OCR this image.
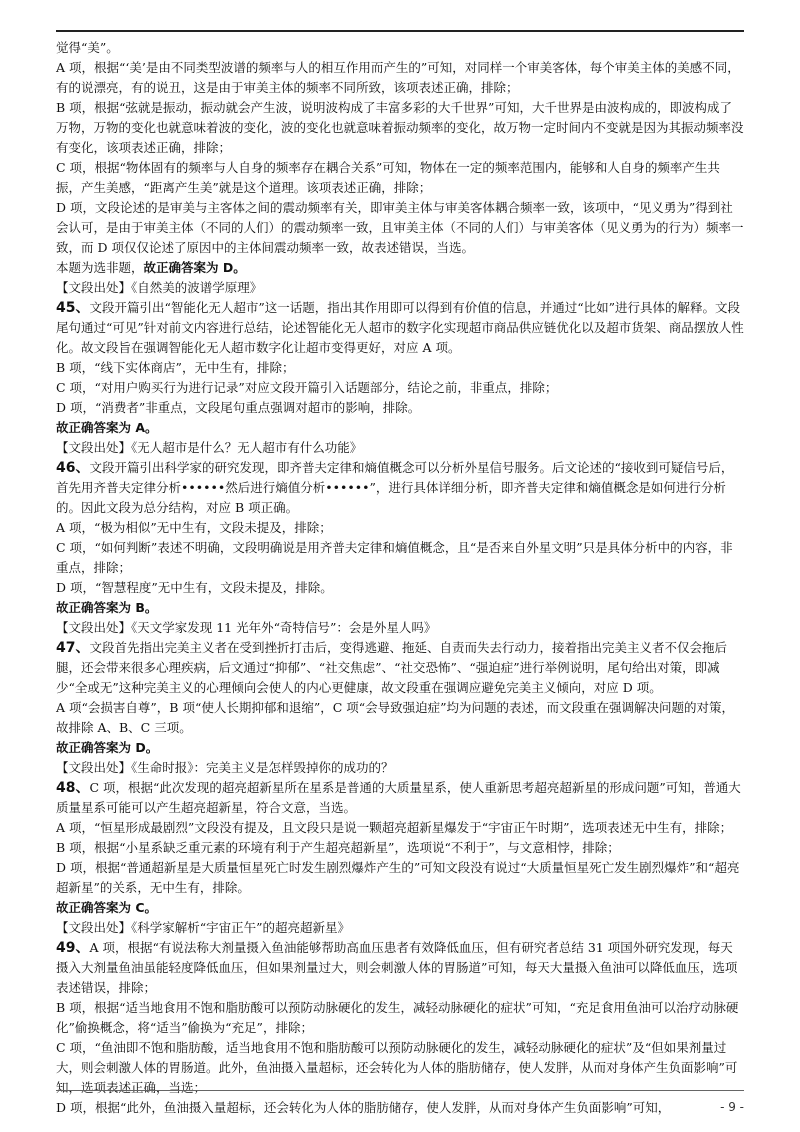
觉得“美”。

A 项，根据“‘美’是由不同类型波谱的频率与人的相互作用而产生的”可知，对同样一个审美客体，每个审美主体的美感不同，有的说漂亮，有的说丑，这是由于审美主体的频率不同所致，该项表述正确，排除；

B 项，根据“弦就是振动，振动就会产生波，说明波构成了丰富多彩的大千世界”可知，大千世界是由波构成的，即波构成了万物，万物的变化也就意味着波的变化，波的变化也就意味着振动频率的变化，故万物一定时间内不变就是因为其振动频率没有变化，该项表述正确，排除；

C 项，根据“物体固有的频率与人自身的频率存在耦合关系”可知，物体在一定的频率范围内，能够和人自身的频率产生共振，产生美感，“距离产生美”就是这个道理。该项表述正确，排除；

D 项，文段论述的是审美与主客体之间的震动频率有关，即审美主体与审美客体耦合频率一致，该项中，“见义勇为”得到社会认可，是由于审美主体（不同的人们）的震动频率一致，且审美主体（不同的人们）与审美客体（见义勇为的行为）频率一致，而 D 项仅仅论述了原因中的主体间震动频率一致，故表述错误，当选。

本题为选非题，故正确答案为 D。

【文段出处】《自然美的波谱学原理》

45、文段开篇引出“智能化无人超市”这一话题，指出其作用即可以得到有价值的信息，并通过“比如”进行具体的解释。文段尾句通过“可见”针对前文内容进行总结，论述智能化无人超市的数字化实现超市商品供应链优化以及超市货架、商品摆放人性化。故文段旨在强调智能化无人超市数字化让超市变得更好，对应 A 项。

B 项，“线下实体商店”，无中生有，排除；

C 项，“对用户购买行为进行记录”对应文段开篇引入话题部分，结论之前，非重点，排除；

D 项，“消费者”非重点，文段尾句重点强调对超市的影响，排除。

故正确答案为 A。

【文段出处】《无人超市是什么？无人超市有什么功能》

46、文段开篇引出科学家的研究发现，即齐普夫定律和熵值概念可以分析外星信号服务。后文论述的“接收到可疑信号后，首先用齐普夫定律分析••••••然后进行熵值分析••••••”，进行具体详细分析，即齐普夫定律和熵值概念是如何进行分析的。因此文段为总分结构，对应 B 项正确。

A 项，“极为相似”无中生有，文段未提及，排除；

C 项，“如何判断”表述不明确，文段明确说是用齐普夫定律和熵值概念，且“是否来自外星文明”只是具体分析中的内容，非重点，排除；

D 项，“智慧程度”无中生有，文段未提及，排除。

故正确答案为 B。

【文段出处】《天文学家发现 11 光年外“奇特信号”：会是外星人吗》

47、文段首先指出完美主义者在受到挫折打击后，变得逃避、拖延、自责而失去行动力，接着指出完美主义者不仅会拖后腿，还会带来很多心理疾病，后文通过“抑郁”、“社交焦虑”、“社交恐怖”、“强迫症”进行举例说明，尾句给出对策，即减少“全或无”这种完美主义的心理倾向会使人的内心更健康，故文段重在强调应避免完美主义倾向，对应 D 项。

A 项“会损害自尊”，B 项“使人长期抑郁和退缩”，C 项“会导致强迫症”均为问题的表述，而文段重在强调解决问题的对策，故排除 A、B、C 三项。

故正确答案为 D。

【文段出处】《生命时报》：完美主义是怎样毁掉你的成功的？

48、C 项，根据“此次发现的超亮超新星所在星系是普通的大质量星系，使人重新思考超亮超新星的形成问题”可知，普通大质量星系可能可以产生超亮超新星，符合文意，当选。

A 项，“恒星形成最剧烈”文段没有提及，且文段只是说一颗超亮超新星爆发于“宇宙正午时期”，选项表述无中生有，排除；

B 项，根据“小星系缺乏重元素的环境有利于产生超亮超新星”，选项说“不利于”，与文意相悖，排除；

D 项，根据“普通超新星是大质量恒星死亡时发生剧烈爆炸产生的”可知文段没有说过“大质量恒星死亡发生剧烈爆炸”和“超亮超新星”的关系，无中生有，排除。

故正确答案为 C。

【文段出处】《科学家解析“宇宙正午”的超亮超新星》

49、A 项，根据“有说法称大剂量摄入鱼油能够帮助高血压患者有效降低血压，但有研究者总结 31 项国外研究发现，每天摄入大剂量鱼油虽能轻度降低血压，但如果剂量过大，则会刺激人体的胃肠道”可知，每天大量摄入鱼油可以降低血压，选项表述错误，排除；

B 项，根据“适当地食用不饱和脂肪酸可以预防动脉硬化的发生，减轻动脉硬化的症状”可知，“充足食用鱼油可以治疗动脉硬化”偷换概念，将“适当”偷换为“充足”，排除；

C 项，“鱼油即不饱和脂肪酸，适当地食用不饱和脂肪酸可以预防动脉硬化的发生，减轻动脉硬化的症状”及“但如果剂量过大，则会刺激人体的胃肠道。此外，鱼油摄入量超标，还会转化为人体的脂肪储存，使人发胖，从而对身体产生负面影响”可知，选项表述正确，当选；

D 项，根据“此外，鱼油摄入量超标，还会转化为人体的脂肪储存，使人发胖，从而对身体产生负面影响”可知，	- 9 -
